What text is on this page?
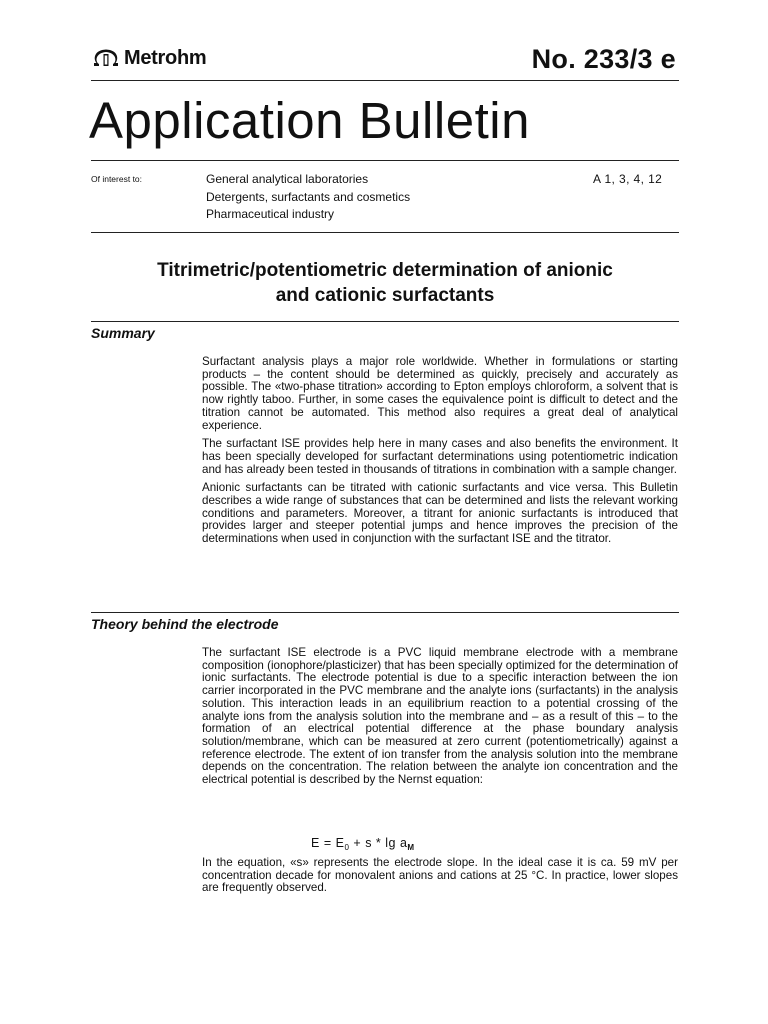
Metrohm	No. 233/3 e
Application Bulletin
Of interest to:	General analytical laboratories
Detergents, surfactants and cosmetics
Pharmaceutical industry
A 1, 3, 4, 12
Titrimetric/potentiometric determination of anionic
and cationic surfactants
Summary

Surfactant analysis plays a major role worldwide. Whether in formulations or starting products – the content should be determined as quickly, precisely and accurately as possible. The «two-phase titration» according to Epton employs chloroform, a solvent that is now rightly taboo. Further, in some cases the equivalence point is difficult to detect and the titration cannot be automated. This method also requires a great deal of analytical experience.

The surfactant ISE provides help here in many cases and also benefits the environment. It has been specially developed for surfactant determinations using potentiometric indication and has already been tested in thousands of titrations in combination with a sample changer.

Anionic surfactants can be titrated with cationic surfactants and vice versa. This Bulletin describes a wide range of substances that can be determined and lists the relevant working conditions and parameters. Moreover, a titrant for anionic surfactants is introduced that provides larger and steeper potential jumps and hence improves the precision of the determinations when used in conjunction with the surfactant ISE and the titrator.

Theory behind the electrode

The surfactant ISE electrode is a PVC liquid membrane electrode with a membrane composition (ionophore/plasticizer) that has been specially optimized for the determination of ionic surfactants. The electrode potential is due to a specific interaction between the ion carrier incorporated in the PVC membrane and the analyte ions (surfactants) in the analysis solution. This interaction leads in an equilibrium reaction to a potential crossing of the analyte ions from the analysis solution into the membrane and – as a result of this – to the formation of an electrical potential difference at the phase boundary analysis solution/membrane, which can be measured at zero current (potentiometrically) against a reference electrode. The extent of ion transfer from the analysis solution into the membrane depends on the concentration. The relation between the analyte ion concentration and the electrical potential is described by the Nernst equation:

$E = E_0 + s * \lg a_M$

In the equation, «s» represents the electrode slope. In the ideal case it is ca. 59 mV per concentration decade for monovalent anions and cations at 25 °C. In practice, lower slopes are frequently observed.
